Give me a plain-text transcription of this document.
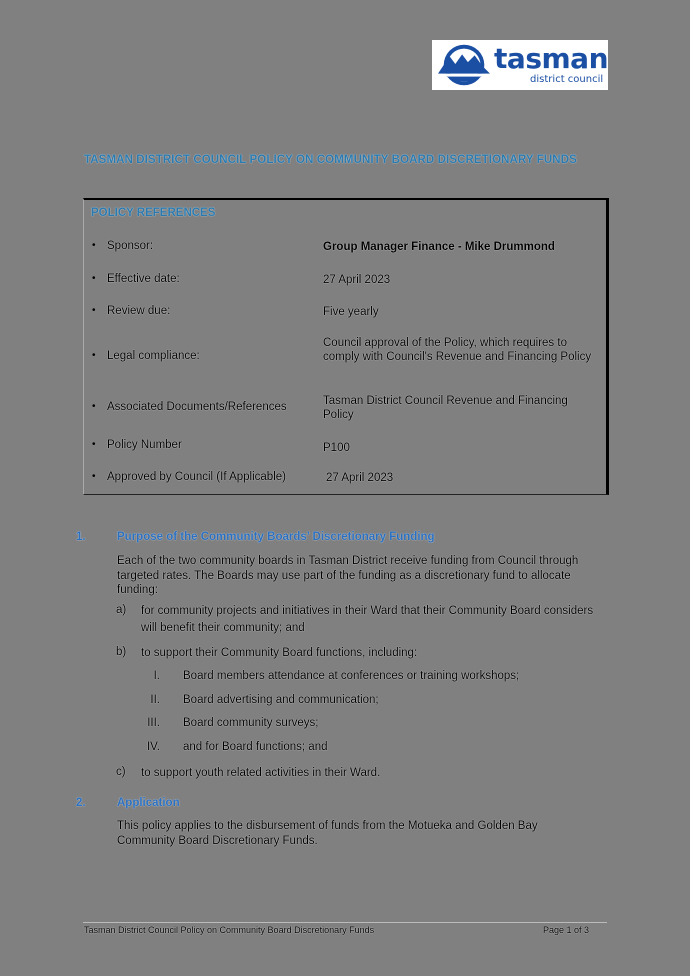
tasman
district council
TASMAN DISTRICT COUNCIL POLICY ON COMMUNITY BOARD DISCRETIONARY FUNDS
POLICY REFERENCES
• Sponsor:	Group Manager Finance - Mike Drummond
• Effective date:	27 April 2023
• Review due:	Five yearly
• Legal compliance:
Council approval of the Policy, which requires to comply with Council's Revenue and Financing Policy
• Associated Documents/References	Tasman District Council Revenue and Financing Policy
• Policy Number	P100
• Approved by Council (If Applicable)	27 April 2023
1.	Purpose of the Community Boards’ Discretionary Funding
Each of the two community boards in Tasman District receive funding from Council through targeted rates. The Boards may use part of the funding as a discretionary fund to allocate funding:
a) for community projects and initiatives in their Ward that their Community Board considers will benefit their community; and
b) to support their Community Board functions, including:
I. Board members attendance at conferences or training workshops;
II. Board advertising and communication;
III. Board community surveys;
IV. and for Board functions; and
c) to support youth related activities in their Ward.
2.	Application
This policy applies to the disbursement of funds from the Motueka and Golden Bay Community Board Discretionary Funds.
Tasman District Council Policy on Community Board Discretionary Funds	Page 1 of 3
